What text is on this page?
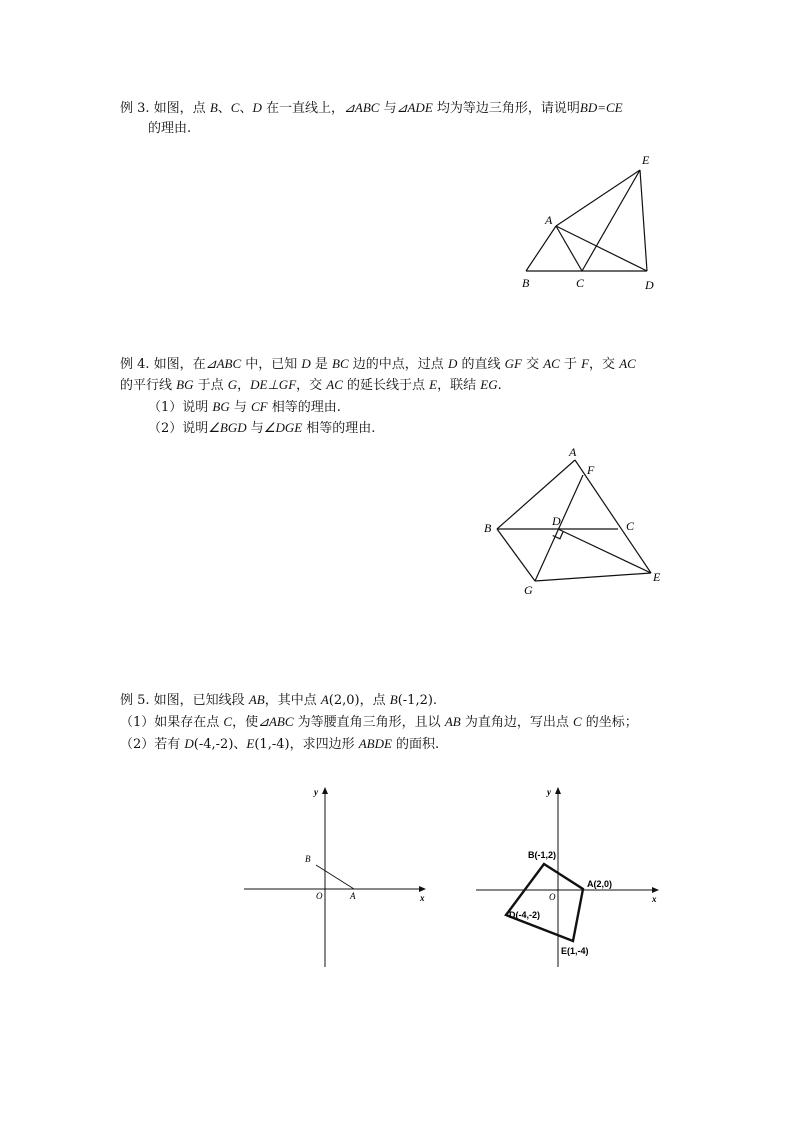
例 3. 如图，点 B、C、D 在一直线上，⊿ABC 与⊿ADE 均为等边三角形，请说明BD=CE
的理由.
例 4. 如图，在⊿ABC 中，已知 D 是 BC 边的中点，过点 D 的直线 GF 交 AC 于 F，交 AC
的平行线 BG 于点 G，DE⊥GF，交 AC 的延长线于点 E，联结 EG.
（1）说明 BG 与 CF 相等的理由.
（2）说明∠BGD 与∠DGE 相等的理由.
例 5. 如图，已知线段 AB，其中点 A(2,0)，点 B(-1,2).
（1）如果存在点 C，使⊿ABC 为等腰直角三角形，且以 AB 为直角边，写出点 C 的坐标；
（2）若有 D(-4,-2)、E(1,-4)，求四边形 ABDE 的面积.
E
A
B	C	D
A
F
B	D	C
E
G
y
x
O	A
B
y
x
O
B(-1,2)
A(2,0)
D(-4,-2)
E(1,-4)
